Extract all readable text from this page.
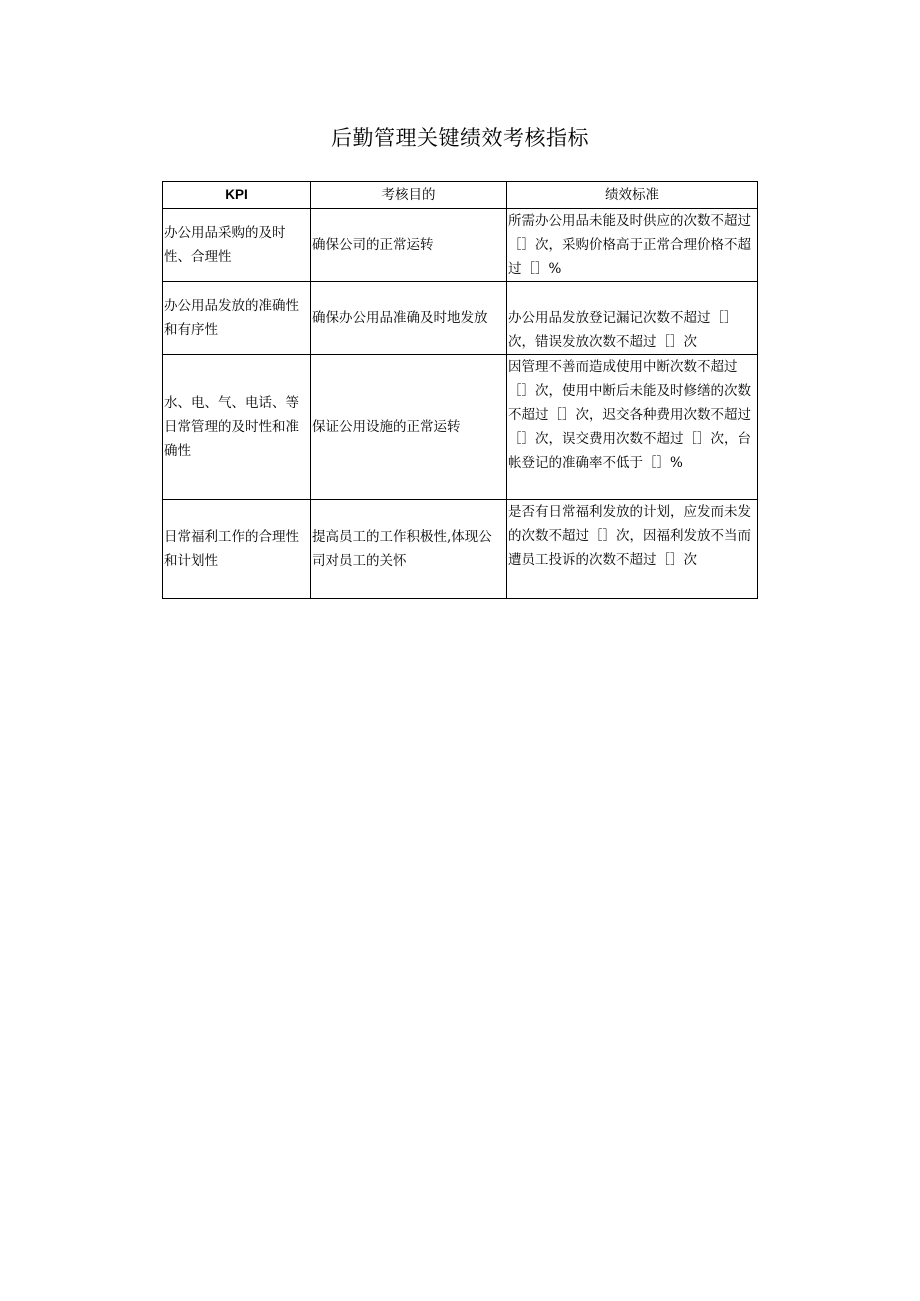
后勤管理关键绩效考核指标
KPI	考核目的	绩效标准
办公用品采购的及时性、合理性	确保公司的正常运转	所需办公用品未能及时供应的次数不超过［］次，采购价格高于正常合理价格不超过［］%
办公用品发放的准确性和有序性	确保办公用品准确及时地发放	办公用品发放登记漏记次数不超过［］次，错误发放次数不超过［］次
水、电、气、电话、等日常管理的及时性和准确性	保证公用设施的正常运转	因管理不善而造成使用中断次数不超过［］次，使用中断后未能及时修缮的次数不超过［］次，迟交各种费用次数不超过［］次，误交费用次数不超过［］次，台帐登记的准确率不低于［］%
日常福利工作的合理性和计划性	提高员工的工作积极性,体现公司对员工的关怀	是否有日常福利发放的计划，应发而未发的次数不超过［］次，因福利发放不当而遭员工投诉的次数不超过［］次
